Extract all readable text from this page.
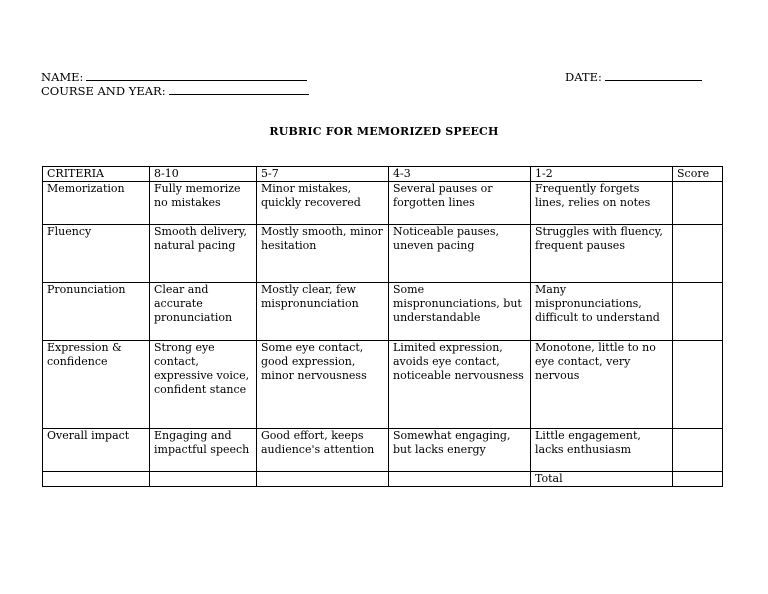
NAME:
COURSE AND YEAR:
DATE:
RUBRIC FOR MEMORIZED SPEECH
CRITERIA	8-10	5-7	4-3	1-2	Score
Memorization	Fully memorize no mistakes	Minor mistakes, quickly recovered	Several pauses or forgotten lines	Frequently forgets lines, relies on notes	
Fluency	Smooth delivery, natural pacing	Mostly smooth, minor hesitation	Noticeable pauses, uneven pacing	Struggles with fluency, frequent pauses	
Pronunciation	Clear and accurate pronunciation	Mostly clear, few mispronunciation	Some mispronunciations, but understandable	Many mispronunciations, difficult to understand	
Expression & confidence	Strong eye contact, expressive voice, confident stance	Some eye contact, good expression, minor nervousness	Limited expression, avoids eye contact, noticeable nervousness	Monotone, little to no eye contact, very nervous	
Overall impact	Engaging and impactful speech	Good effort, keeps audience's attention	Somewhat engaging, but lacks energy	Little engagement, lacks enthusiasm	
				Total	
